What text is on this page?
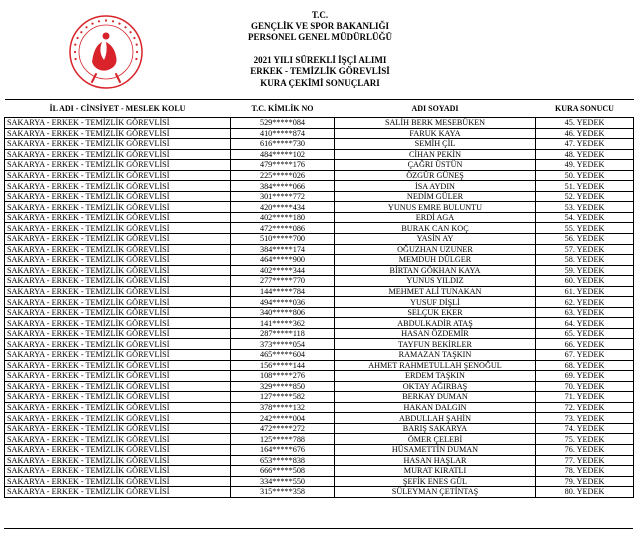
T.C.
GENÇLİK VE SPOR BAKANLIĞI
PERSONEL GENEL MÜDÜRLÜĞÜ
2021 YILI SÜREKLİ İŞÇİ ALIMI
ERKEK - TEMİZLİK GÖREVLİSİ
KURA ÇEKİMİ SONUÇLARI
İL ADI - CİNSİYET - MESLEK KOLU	T.C. KİMLİK NO	ADI SOYADI	KURA SONUCU
SAKARYA - ERKEK - TEMİZLİK GÖREVLİSİ	529*****084	SALİH BERK MESEBÜKEN	45. YEDEK
SAKARYA - ERKEK - TEMİZLİK GÖREVLİSİ	410*****874	FARUK KAYA	46. YEDEK
SAKARYA - ERKEK - TEMİZLİK GÖREVLİSİ	616*****730	SEMİH ÇİL	47. YEDEK
SAKARYA - ERKEK - TEMİZLİK GÖREVLİSİ	484*****102	CİHAN PEKİN	48. YEDEK
SAKARYA - ERKEK - TEMİZLİK GÖREVLİSİ	479*****176	ÇAĞRI ÜSTÜN	49. YEDEK
SAKARYA - ERKEK - TEMİZLİK GÖREVLİSİ	225*****026	ÖZGÜR GÜNEŞ	50. YEDEK
SAKARYA - ERKEK - TEMİZLİK GÖREVLİSİ	384*****066	İSA AYDIN	51. YEDEK
SAKARYA - ERKEK - TEMİZLİK GÖREVLİSİ	301*****772	NEDİM GÜLER	52. YEDEK
SAKARYA - ERKEK - TEMİZLİK GÖREVLİSİ	420*****434	YUNUS EMRE BULUNTU	53. YEDEK
SAKARYA - ERKEK - TEMİZLİK GÖREVLİSİ	402*****180	ERDİ AGA	54. YEDEK
SAKARYA - ERKEK - TEMİZLİK GÖREVLİSİ	472*****086	BURAK CAN KOÇ	55. YEDEK
SAKARYA - ERKEK - TEMİZLİK GÖREVLİSİ	510*****700	YASİN AY	56. YEDEK
SAKARYA - ERKEK - TEMİZLİK GÖREVLİSİ	384*****174	OĞUZHAN UZUNER	57. YEDEK
SAKARYA - ERKEK - TEMİZLİK GÖREVLİSİ	464*****900	MEMDUH DÜLGER	58. YEDEK
SAKARYA - ERKEK - TEMİZLİK GÖREVLİSİ	402*****344	BİRTAN GÖKHAN KAYA	59. YEDEK
SAKARYA - ERKEK - TEMİZLİK GÖREVLİSİ	277*****770	YUNUS YILDIZ	60. YEDEK
SAKARYA - ERKEK - TEMİZLİK GÖREVLİSİ	144*****784	MEHMET ALİ TUNAKAN	61. YEDEK
SAKARYA - ERKEK - TEMİZLİK GÖREVLİSİ	494*****036	YUSUF DİŞLİ	62. YEDEK
SAKARYA - ERKEK - TEMİZLİK GÖREVLİSİ	340*****806	SELÇUK EKER	63. YEDEK
SAKARYA - ERKEK - TEMİZLİK GÖREVLİSİ	141*****362	ABDULKADİR ATAŞ	64. YEDEK
SAKARYA - ERKEK - TEMİZLİK GÖREVLİSİ	287*****118	HASAN ÖZDEMİR	65. YEDEK
SAKARYA - ERKEK - TEMİZLİK GÖREVLİSİ	373*****054	TAYFUN BEKİRLER	66. YEDEK
SAKARYA - ERKEK - TEMİZLİK GÖREVLİSİ	465*****604	RAMAZAN TAŞKIN	67. YEDEK
SAKARYA - ERKEK - TEMİZLİK GÖREVLİSİ	156*****144	AHMET RAHMETULLAH ŞENOĞUL	68. YEDEK
SAKARYA - ERKEK - TEMİZLİK GÖREVLİSİ	108*****276	ERDEM TAŞKIN	69. YEDEK
SAKARYA - ERKEK - TEMİZLİK GÖREVLİSİ	329*****850	OKTAY AĞIRBAŞ	70. YEDEK
SAKARYA - ERKEK - TEMİZLİK GÖREVLİSİ	127*****582	BERKAY DUMAN	71. YEDEK
SAKARYA - ERKEK - TEMİZLİK GÖREVLİSİ	378*****132	HAKAN DALGIN	72. YEDEK
SAKARYA - ERKEK - TEMİZLİK GÖREVLİSİ	242*****004	ABDULLAH ŞAHİN	73. YEDEK
SAKARYA - ERKEK - TEMİZLİK GÖREVLİSİ	472*****272	BARIŞ SAKARYA	74. YEDEK
SAKARYA - ERKEK - TEMİZLİK GÖREVLİSİ	125*****788	ÖMER ÇELEBİ	75. YEDEK
SAKARYA - ERKEK - TEMİZLİK GÖREVLİSİ	164*****676	HÜSAMETTİN DUMAN	76. YEDEK
SAKARYA - ERKEK - TEMİZLİK GÖREVLİSİ	653*****838	HASAN HAŞLAR	77. YEDEK
SAKARYA - ERKEK - TEMİZLİK GÖREVLİSİ	666*****508	MURAT KIRATLI	78. YEDEK
SAKARYA - ERKEK - TEMİZLİK GÖREVLİSİ	334*****550	ŞEFİK ENES GÜL	79. YEDEK
SAKARYA - ERKEK - TEMİZLİK GÖREVLİSİ	315*****358	SÜLEYMAN ÇETİNTAŞ	80. YEDEK
